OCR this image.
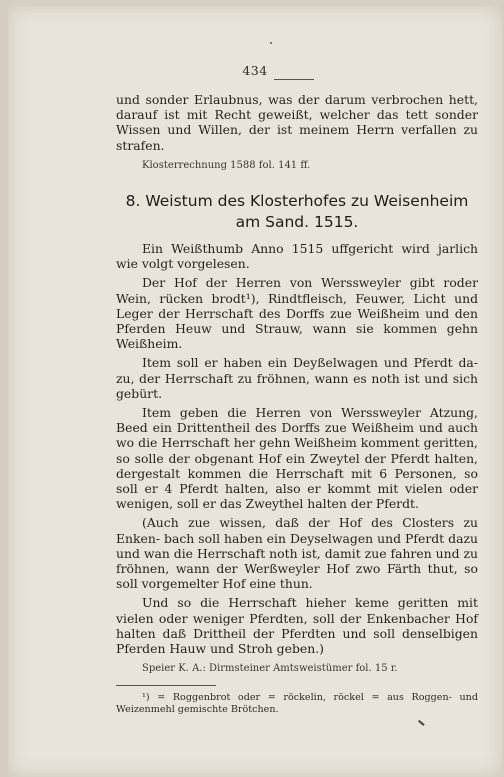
434

und sonder Erlaubnus, was der darum verbrochen hett, darauf ist mit Recht geweißt, welcher das tett sonder Wissen und Willen, der ist meinem Herrn verfallen zu strafen.

Klosterrechnung 1588 fol. 141 ff.

8. Weistum des Klosterhofes zu Weisenheim am Sand. 1515.

Ein Weißthumb Anno 1515 uffgericht wird jarlich wie volgt vorgelesen.

Der Hof der Herren von Werssweyler gibt roder Wein, rücken brodt¹), Rindtfleisch, Feuwer, Licht und Leger der Herrschaft des Dorffs zue Weißheim und den Pferden Heuw und Strauw, wann sie kommen gehn Weißheim.

Item soll er haben ein Deyßelwagen und Pferdt da- zu, der Herrschaft zu fröhnen, wann es noth ist und sich gebürt.

Item geben die Herren von Werssweyler Atzung, Beed ein Drittentheil des Dorffs zue Weißheim und auch wo die Herrschaft her gehn Weißheim komment geritten, so solle der obgenant Hof ein Zweytel der Pferdt halten, dergestalt kommen die Herrschaft mit 6 Personen, so soll er 4 Pferdt halten, also er kommt mit vielen oder wenigen, soll er das Zweythel halten der Pferdt.

(Auch zue wissen, daß der Hof des Closters zu Enken- bach soll haben ein Deyselwagen und Pferdt dazu und wan die Herrschaft noth ist, damit zue fahren und zu fröhnen, wann der Werßweyler Hof zwo Färth thut, so soll vorgemelter Hof eine thun.

Und so die Herrschaft hieher keme geritten mit vielen oder weniger Pferdten, soll der Enkenbacher Hof halten daß Drittheil der Pferdten und soll denselbigen Pferden Hauw und Stroh geben.)

Speier K. A.: Dirmsteiner Amtsweistümer fol. 15 r.

¹) = Roggenbrot oder = röckelin, röckel = aus Roggen- und Weizenmehl gemischte Brötchen.
